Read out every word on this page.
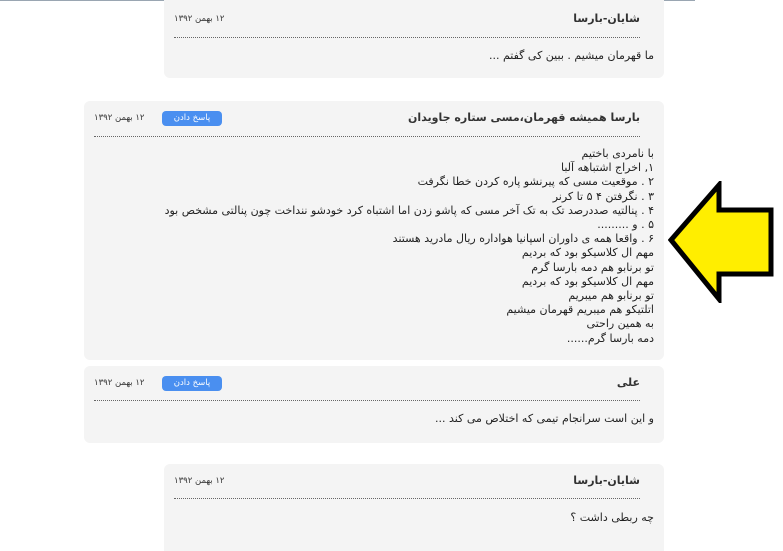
شایان-بارسا
۱۲ بهمن ۱۳۹۲
ما قهرمان میشیم . ببین کی گفتم ...
بارسا همیشه قهرمان،مسی ستاره جاویدان
پاسخ دادن
۱۲ بهمن ۱۳۹۲
با نامردی باختیم
۱, اخراج اشتباهه آلبا
۲ . موقعیت مسی که پیرنشو پاره کردن خطا نگرفت
۳ . نگرفتن ۴ ۵ تا کرنر
۴ . پنالتیه صددرصد تک به تک آخر مسی که پاشو زدن اما اشتباه کرد خودشو ننداخت چون پنالتی مشخص بود
۵ . و .........
۶ . واقعا همه ی داوران اسپانیا هواداره ریال مادرید هستند
مهم ال کلاسیکو بود که بردیم
تو برنابو هم دمه بارسا گرم
مهم ال کلاسیکو بود که بردیم
تو برنابو هم میبریم
اتلتیکو هم میبریم قهرمان میشیم
به همین راحتی
دمه بارسا گرم......
علی
پاسخ دادن
۱۲ بهمن ۱۳۹۲
و این است سرانجام تیمی که اختلاص می کند ...
شایان-بارسا
۱۲ بهمن ۱۳۹۲
چه ربطی داشت ؟
